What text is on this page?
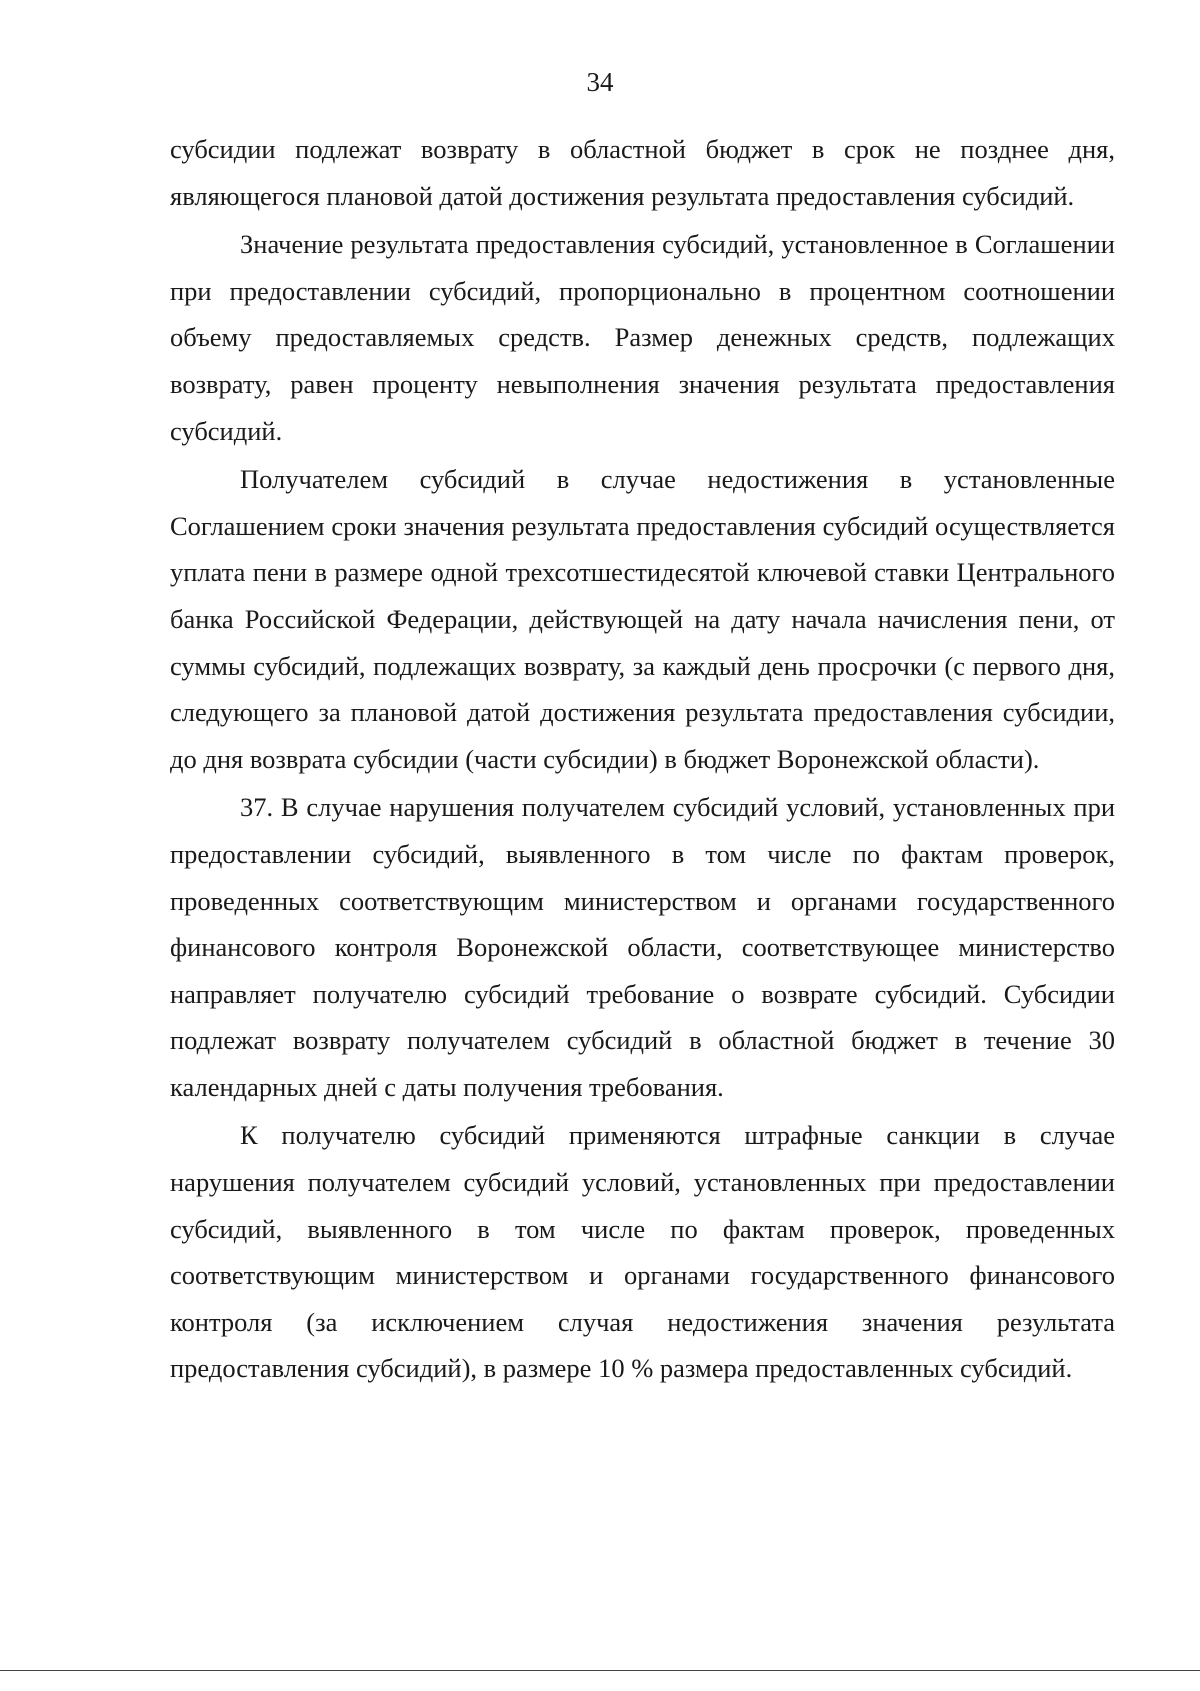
34

субсидии подлежат возврату в областной бюджет в срок не позднее дня, являющегося плановой датой достижения результата предоставления субсидий.

Значение результата предоставления субсидий, установленное в Соглашении при предоставлении субсидий, пропорционально в процентном соотношении объему предоставляемых средств. Размер денежных средств, подлежащих возврату, равен проценту невыполнения значения результата предоставления субсидий.

Получателем субсидий в случае недостижения в установленные Соглашением сроки значения результата предоставления субсидий осуществляется уплата пени в размере одной трехсотшестидесятой ключевой ставки Центрального банка Российской Федерации, действующей на дату начала начисления пени, от суммы субсидий, подлежащих возврату, за каждый день просрочки (с первого дня, следующего за плановой датой достижения результата предоставления субсидии, до дня возврата субсидии (части субсидии) в бюджет Воронежской области).

37. В случае нарушения получателем субсидий условий, установленных при предоставлении субсидий, выявленного в том числе по фактам проверок, проведенных соответствующим министерством и органами государственного финансового контроля Воронежской области, соответствующее министерство направляет получателю субсидий требование о возврате субсидий. Субсидии подлежат возврату получателем субсидий в областной бюджет в течение 30 календарных дней с даты получения требования.

К получателю субсидий применяются штрафные санкции в случае нарушения получателем субсидий условий, установленных при предоставлении субсидий, выявленного в том числе по фактам проверок, проведенных соответствующим министерством и органами государственного финансового контроля (за исключением случая недостижения значения результата предоставления субсидий), в размере 10 % размера предоставленных субсидий.
